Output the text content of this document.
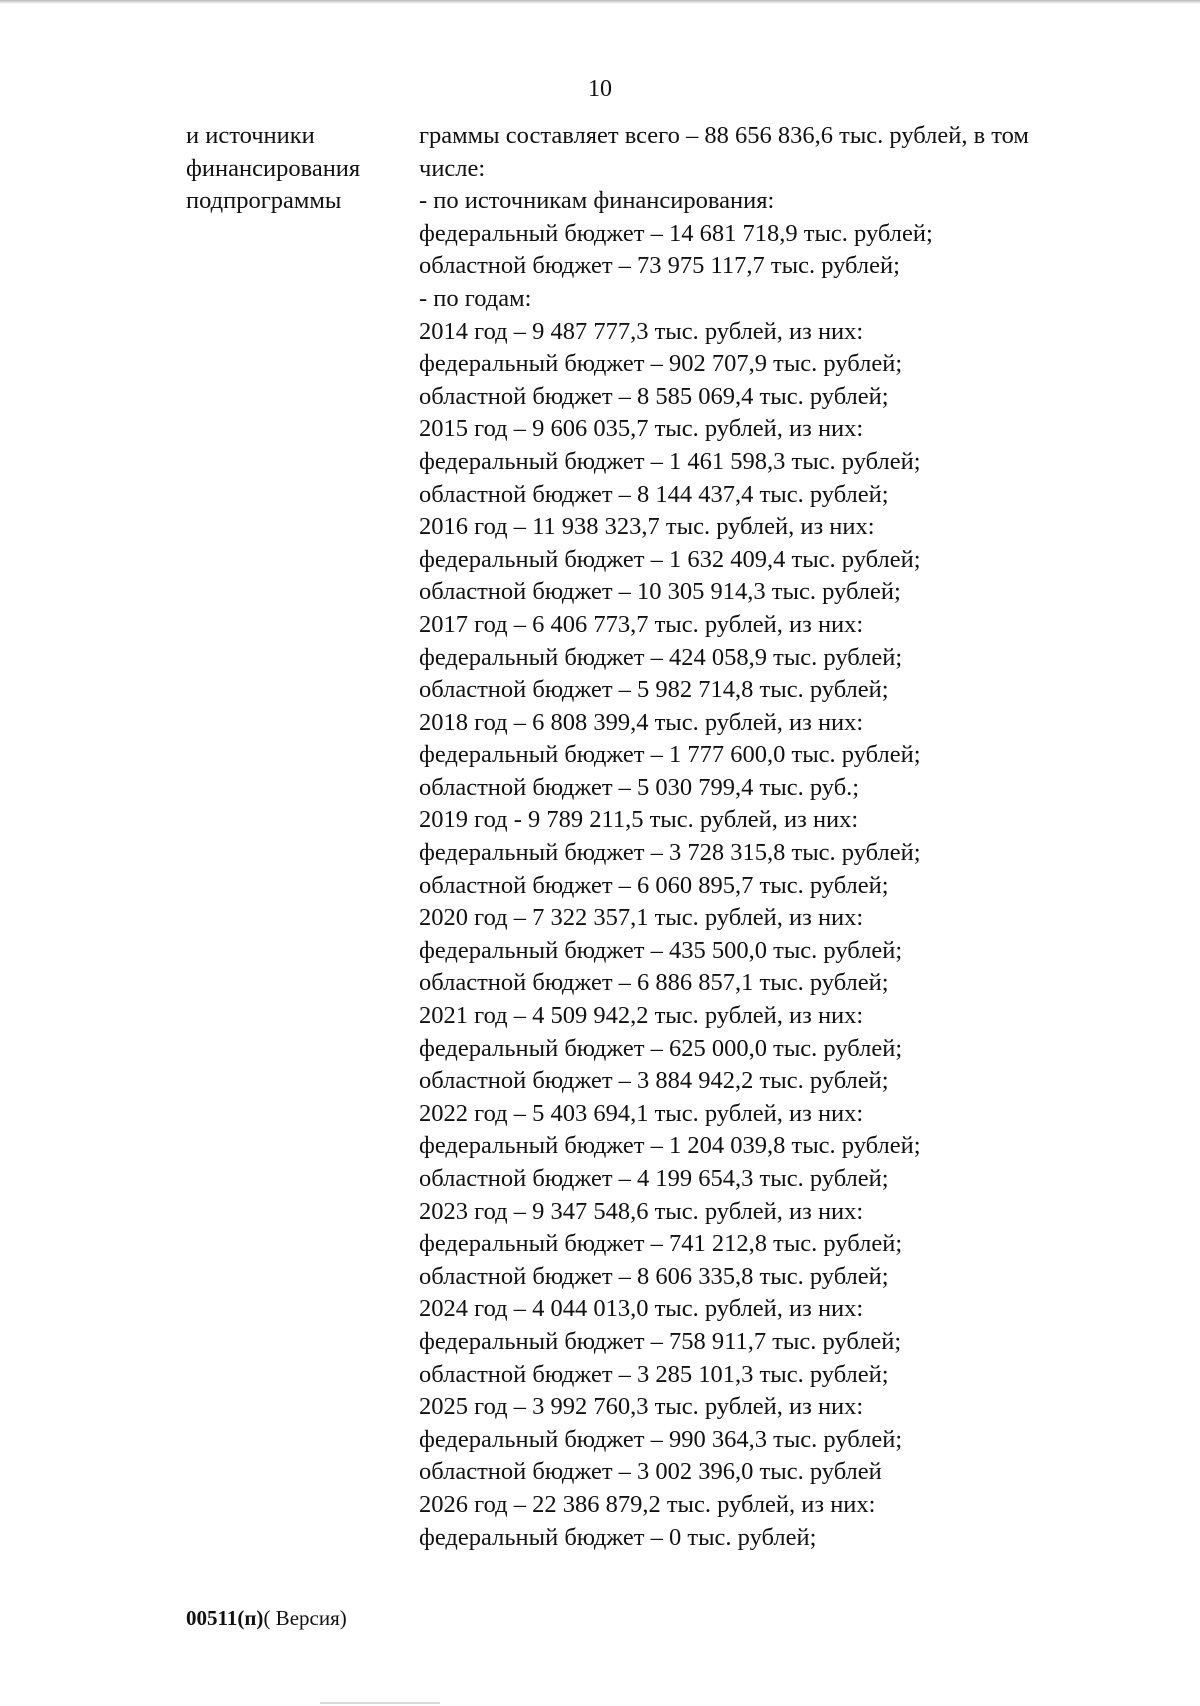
10
и источники
финансирования
подпрограммы
граммы составляет всего – 88 656 836,6 тыс. рублей, в том
числе:
- по источникам финансирования:
федеральный бюджет – 14 681 718,9 тыс. рублей;
областной бюджет – 73 975 117,7 тыс. рублей;
- по годам:
2014 год – 9 487 777,3 тыс. рублей, из них:
федеральный бюджет – 902 707,9 тыс. рублей;
областной бюджет – 8 585 069,4 тыс. рублей;
2015 год – 9 606 035,7 тыс. рублей, из них:
федеральный бюджет – 1 461 598,3 тыс. рублей;
областной бюджет – 8 144 437,4 тыс. рублей;
2016 год – 11 938 323,7 тыс. рублей, из них:
федеральный бюджет – 1 632 409,4 тыс. рублей;
областной бюджет – 10 305 914,3 тыс. рублей;
2017 год – 6 406 773,7 тыс. рублей, из них:
федеральный бюджет – 424 058,9 тыс. рублей;
областной бюджет – 5 982 714,8 тыс. рублей;
2018 год – 6 808 399,4 тыс. рублей, из них:
федеральный бюджет – 1 777 600,0 тыс. рублей;
областной бюджет – 5 030 799,4 тыс. руб.;
2019 год - 9 789 211,5 тыс. рублей, из них:
федеральный бюджет – 3 728 315,8 тыс. рублей;
областной бюджет – 6 060 895,7 тыс. рублей;
2020 год – 7 322 357,1 тыс. рублей, из них:
федеральный бюджет – 435 500,0 тыс. рублей;
областной бюджет – 6 886 857,1 тыс. рублей;
2021 год – 4 509 942,2 тыс. рублей, из них:
федеральный бюджет – 625 000,0 тыс. рублей;
областной бюджет – 3 884 942,2 тыс. рублей;
2022 год – 5 403 694,1 тыс. рублей, из них:
федеральный бюджет – 1 204 039,8 тыс. рублей;
областной бюджет – 4 199 654,3 тыс. рублей;
2023 год – 9 347 548,6 тыс. рублей, из них:
федеральный бюджет – 741 212,8 тыс. рублей;
областной бюджет – 8 606 335,8 тыс. рублей;
2024 год – 4 044 013,0 тыс. рублей, из них:
федеральный бюджет – 758 911,7 тыс. рублей;
областной бюджет – 3 285 101,3 тыс. рублей;
2025 год – 3 992 760,3 тыс. рублей, из них:
федеральный бюджет – 990 364,3 тыс. рублей;
областной бюджет – 3 002 396,0 тыс. рублей
2026 год – 22 386 879,2 тыс. рублей, из них:
федеральный бюджет – 0 тыс. рублей;
00511(п)( Версия)
